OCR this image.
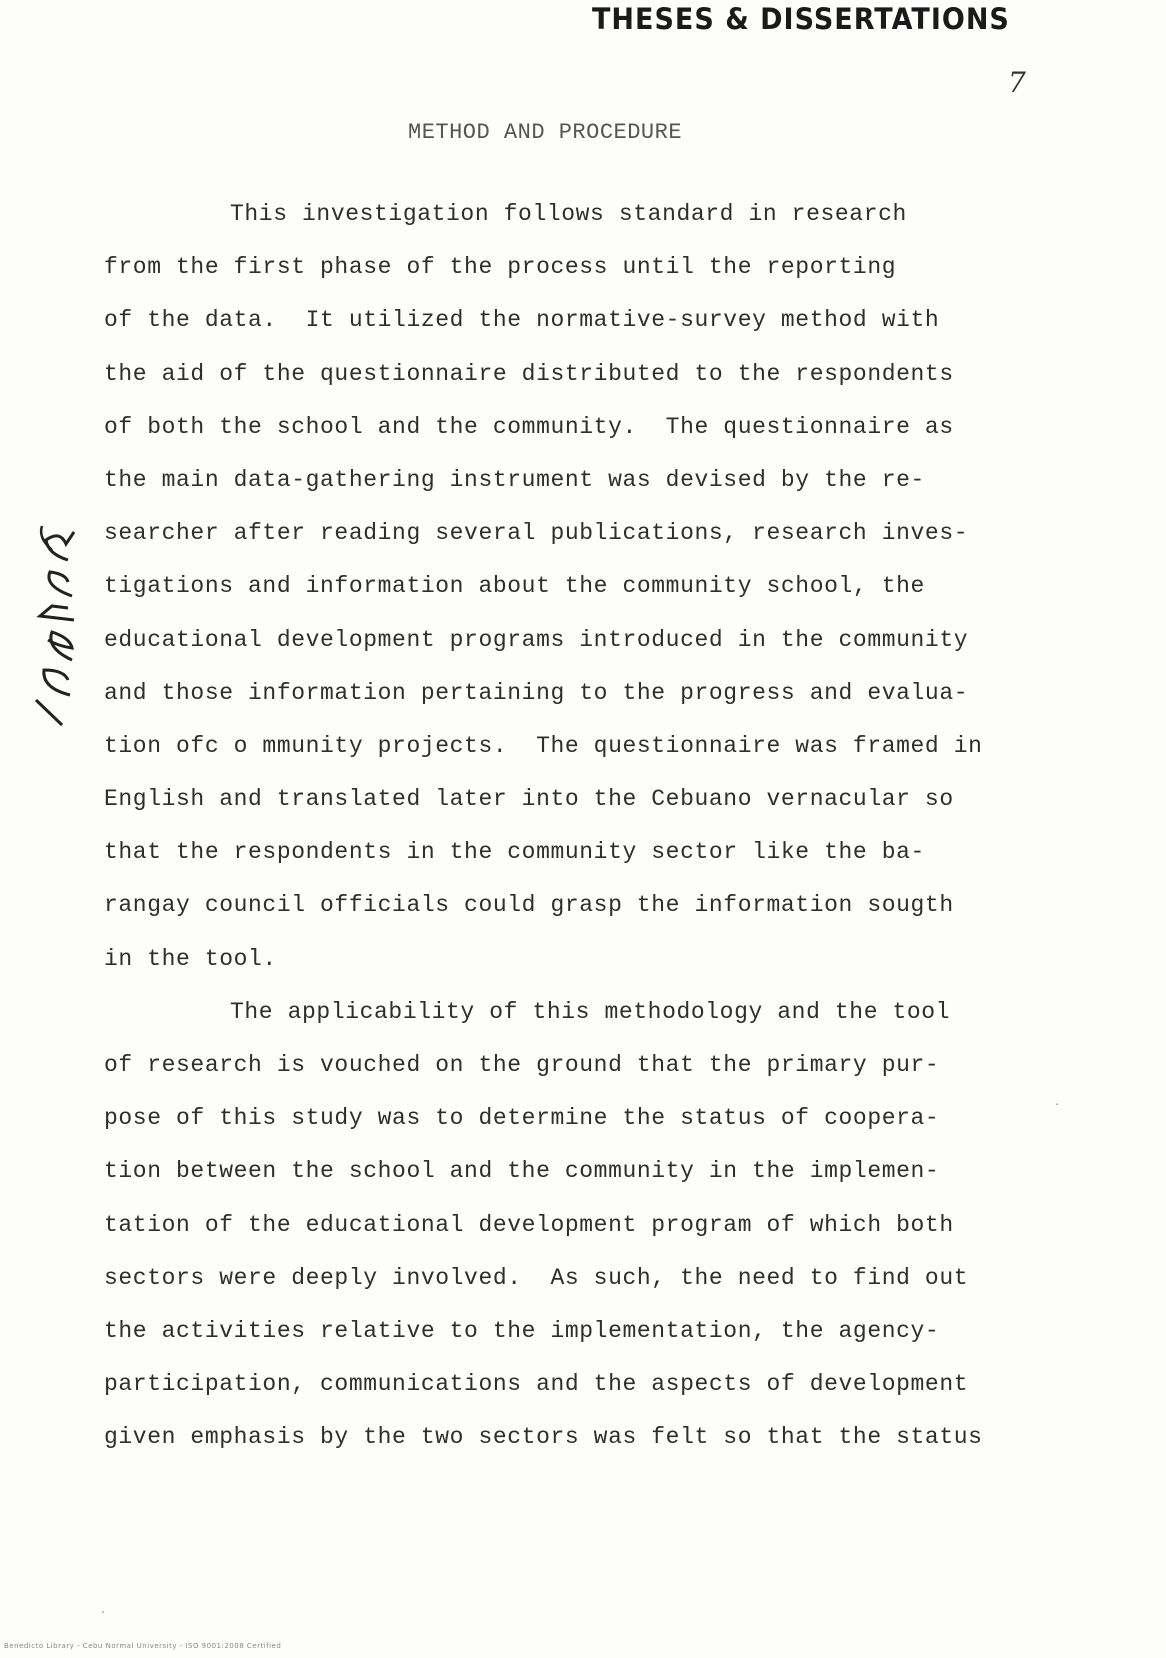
THESES & DISSERTATIONS
7
METHOD AND PROCEDURE
This investigation follows standard in research
from the first phase of the process until the reporting
of the data.  It utilized the normative-survey method with
the aid of the questionnaire distributed to the respondents
of both the school and the community.  The questionnaire as
the main data-gathering instrument was devised by the re-
searcher after reading several publications, research inves-
tigations and information about the community school, the
educational development programs introduced in the community
and those information pertaining to the progress and evalua-
tion ofc o mmunity projects.  The questionnaire was framed in
English and translated later into the Cebuano vernacular so
that the respondents in the community sector like the ba-
rangay council officials could grasp the information sougth
in the tool.
The applicability of this methodology and the tool
of research is vouched on the ground that the primary pur-
pose of this study was to determine the status of coopera-
tion between the school and the community in the implemen-
tation of the educational development program of which both
sectors were deeply involved.  As such, the need to find out
the activities relative to the implementation, the agency-
participation, communications and the aspects of development
given emphasis by the two sectors was felt so that the status
·
·
Benedicto Library - Cebu Normal University - ISO 9001:2008 Certified
